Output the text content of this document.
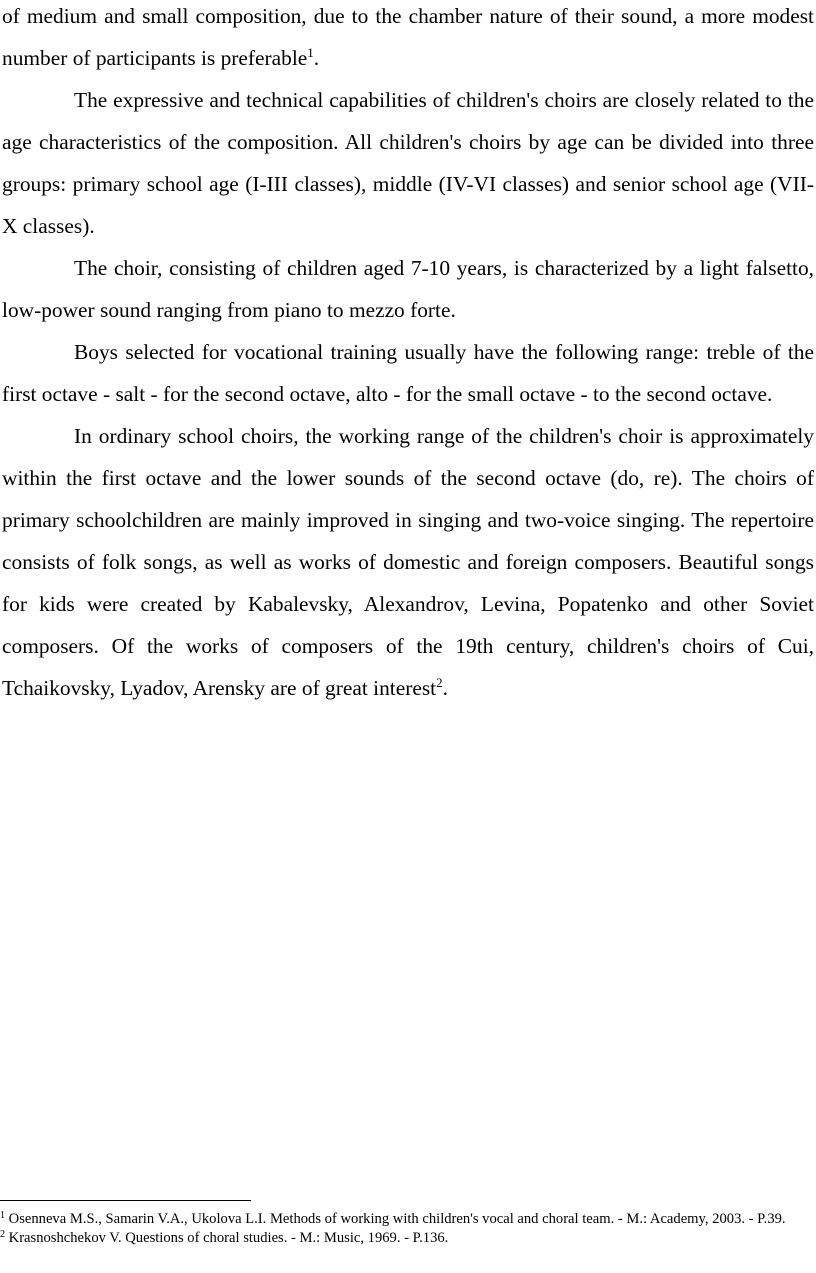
of medium and small composition, due to the chamber nature of their sound, a more modest number of participants is preferable$^1$.

The expressive and technical capabilities of children's choirs are closely related to the age characteristics of the composition. All children's choirs by age can be divided into three groups: primary school age (I-III classes), middle (IV-VI classes) and senior school age (VII-X classes).

The choir, consisting of children aged 7-10 years, is characterized by a light falsetto, low-power sound ranging from piano to mezzo forte.

Boys selected for vocational training usually have the following range: treble of the first octave - salt - for the second octave, alto - for the small octave - to the second octave.

In ordinary school choirs, the working range of the children's choir is approximately within the first octave and the lower sounds of the second octave (do, re). The choirs of primary schoolchildren are mainly improved in singing and two-voice singing. The repertoire consists of folk songs, as well as works of domestic and foreign composers. Beautiful songs for kids were created by Kabalevsky, Alexandrov, Levina, Popatenko and other Soviet composers. Of the works of composers of the 19th century, children's choirs of Cui, Tchaikovsky, Lyadov, Arensky are of great interest$^2$.

$^1$ Osenneva M.S., Samarin V.A., Ukolova L.I. Methods of working with children's vocal and choral team. - M.: Academy, 2003. - P.39.

$^2$ Krasnoshchekov V. Questions of choral studies. - M.: Music, 1969. - P.136.
